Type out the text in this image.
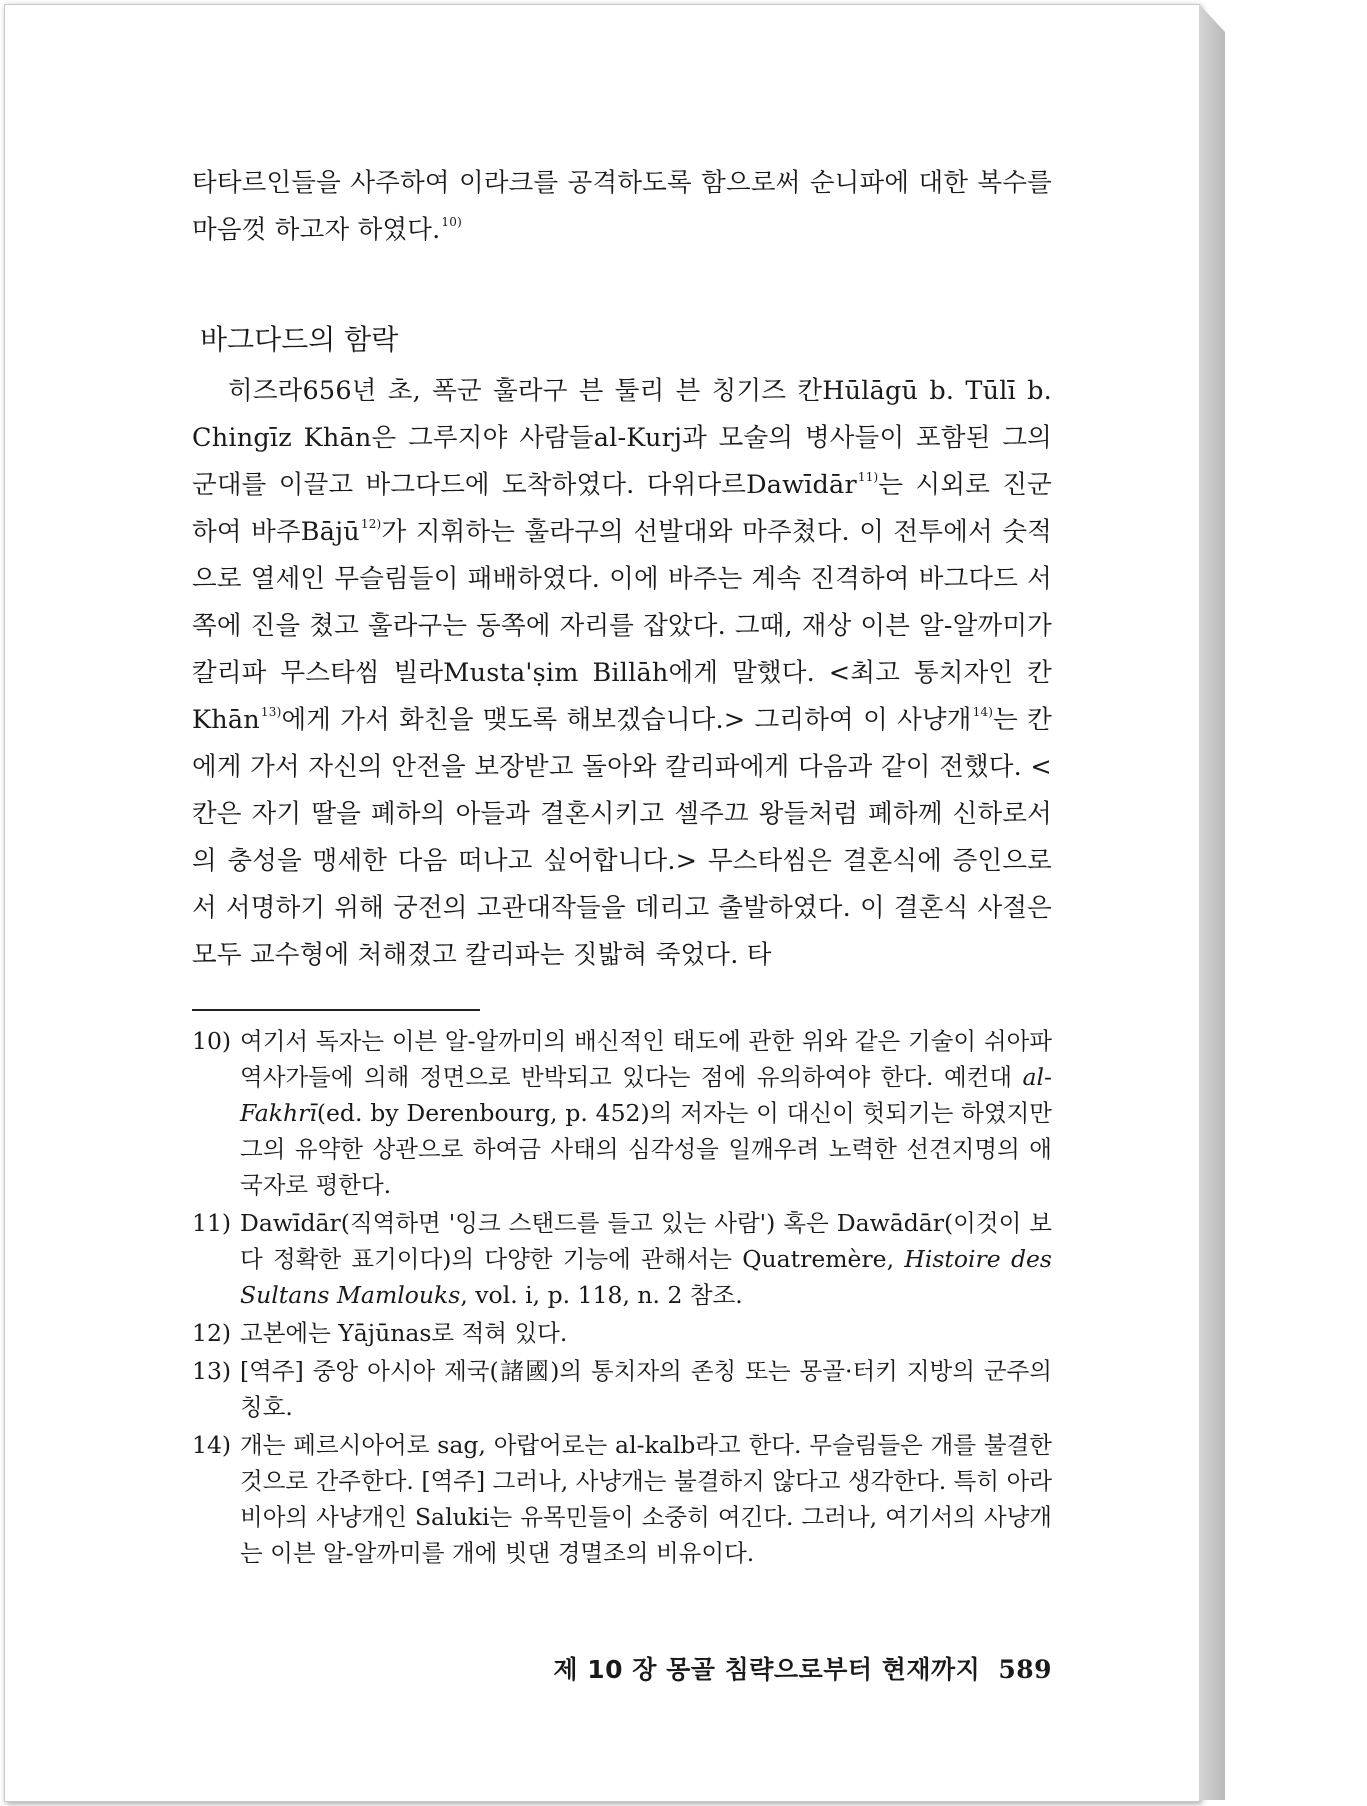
타타르인들을 사주하여 이라크를 공격하도록 함으로써 순니파에 대한 복수를 마음껏 하고자 하였다.$^{10)}$

바그다드의 함락

히즈라656년 초, 폭군 훌라구 븐 툴리 븐 칭기즈 칸Hūlāgū b. Tūlī b. Chingīz Khān은 그루지야 사람들al-Kurj과 모술의 병사들이 포함된 그의 군대를 이끌고 바그다드에 도착하였다. 다위다르Dawīdār$^{11)}$는 시외로 진군하여 바주Bājū$^{12)}$가 지휘하는 훌라구의 선발대와 마주쳤다. 이 전투에서 숫적으로 열세인 무슬림들이 패배하였다. 이에 바주는 계속 진격하여 바그다드 서쪽에 진을 쳤고 훌라구는 동쪽에 자리를 잡았다. 그때, 재상 이븐 알-알까미가 칼리파 무스타씸 빌라Musta'ṣim Billāh에게 말했다. <최고 통치자인 칸Khān$^{13)}$에게 가서 화친을 맺도록 해보겠습니다.> 그리하여 이 사냥개$^{14)}$는 칸에게 가서 자신의 안전을 보장받고 돌아와 칼리파에게 다음과 같이 전했다. <칸은 자기 딸을 폐하의 아들과 결혼시키고 셀주끄 왕들처럼 폐하께 신하로서의 충성을 맹세한 다음 떠나고 싶어합니다.> 무스타씸은 결혼식에 증인으로서 서명하기 위해 궁전의 고관대작들을 데리고 출발하였다. 이 결혼식 사절은 모두 교수형에 처해졌고 칼리파는 짓밟혀 죽었다. 타

10) 여기서 독자는 이븐 알-알까미의 배신적인 태도에 관한 위와 같은 기술이 쉬아파 역사가들에 의해 정면으로 반박되고 있다는 점에 유의하여야 한다. 예컨대 al-Fakhrī(ed. by Derenbourg, p. 452)의 저자는 이 대신이 헛되기는 하였지만 그의 유약한 상관으로 하여금 사태의 심각성을 일깨우려 노력한 선견지명의 애국자로 평한다.
11) Dawīdār(직역하면 '잉크 스탠드를 들고 있는 사람') 혹은 Dawādār(이것이 보다 정확한 표기이다)의 다양한 기능에 관해서는 Quatremère, Histoire des Sultans Mamlouks, vol. i, p. 118, n. 2 참조.
12) 고본에는 Yājūnas로 적혀 있다.
13) [역주] 중앙 아시아 제국(諸國)의 통치자의 존칭 또는 몽골·터키 지방의 군주의 칭호.
14) 개는 페르시아어로 sag, 아랍어로는 al-kalb라고 한다. 무슬림들은 개를 불결한 것으로 간주한다. [역주] 그러나, 사냥개는 불결하지 않다고 생각한다. 특히 아라비아의 사냥개인 Saluki는 유목민들이 소중히 여긴다. 그러나, 여기서의 사냥개는 이븐 알-알까미를 개에 빗댄 경멸조의 비유이다.
제 10 장 몽골 침략으로부터 현재까지 589
